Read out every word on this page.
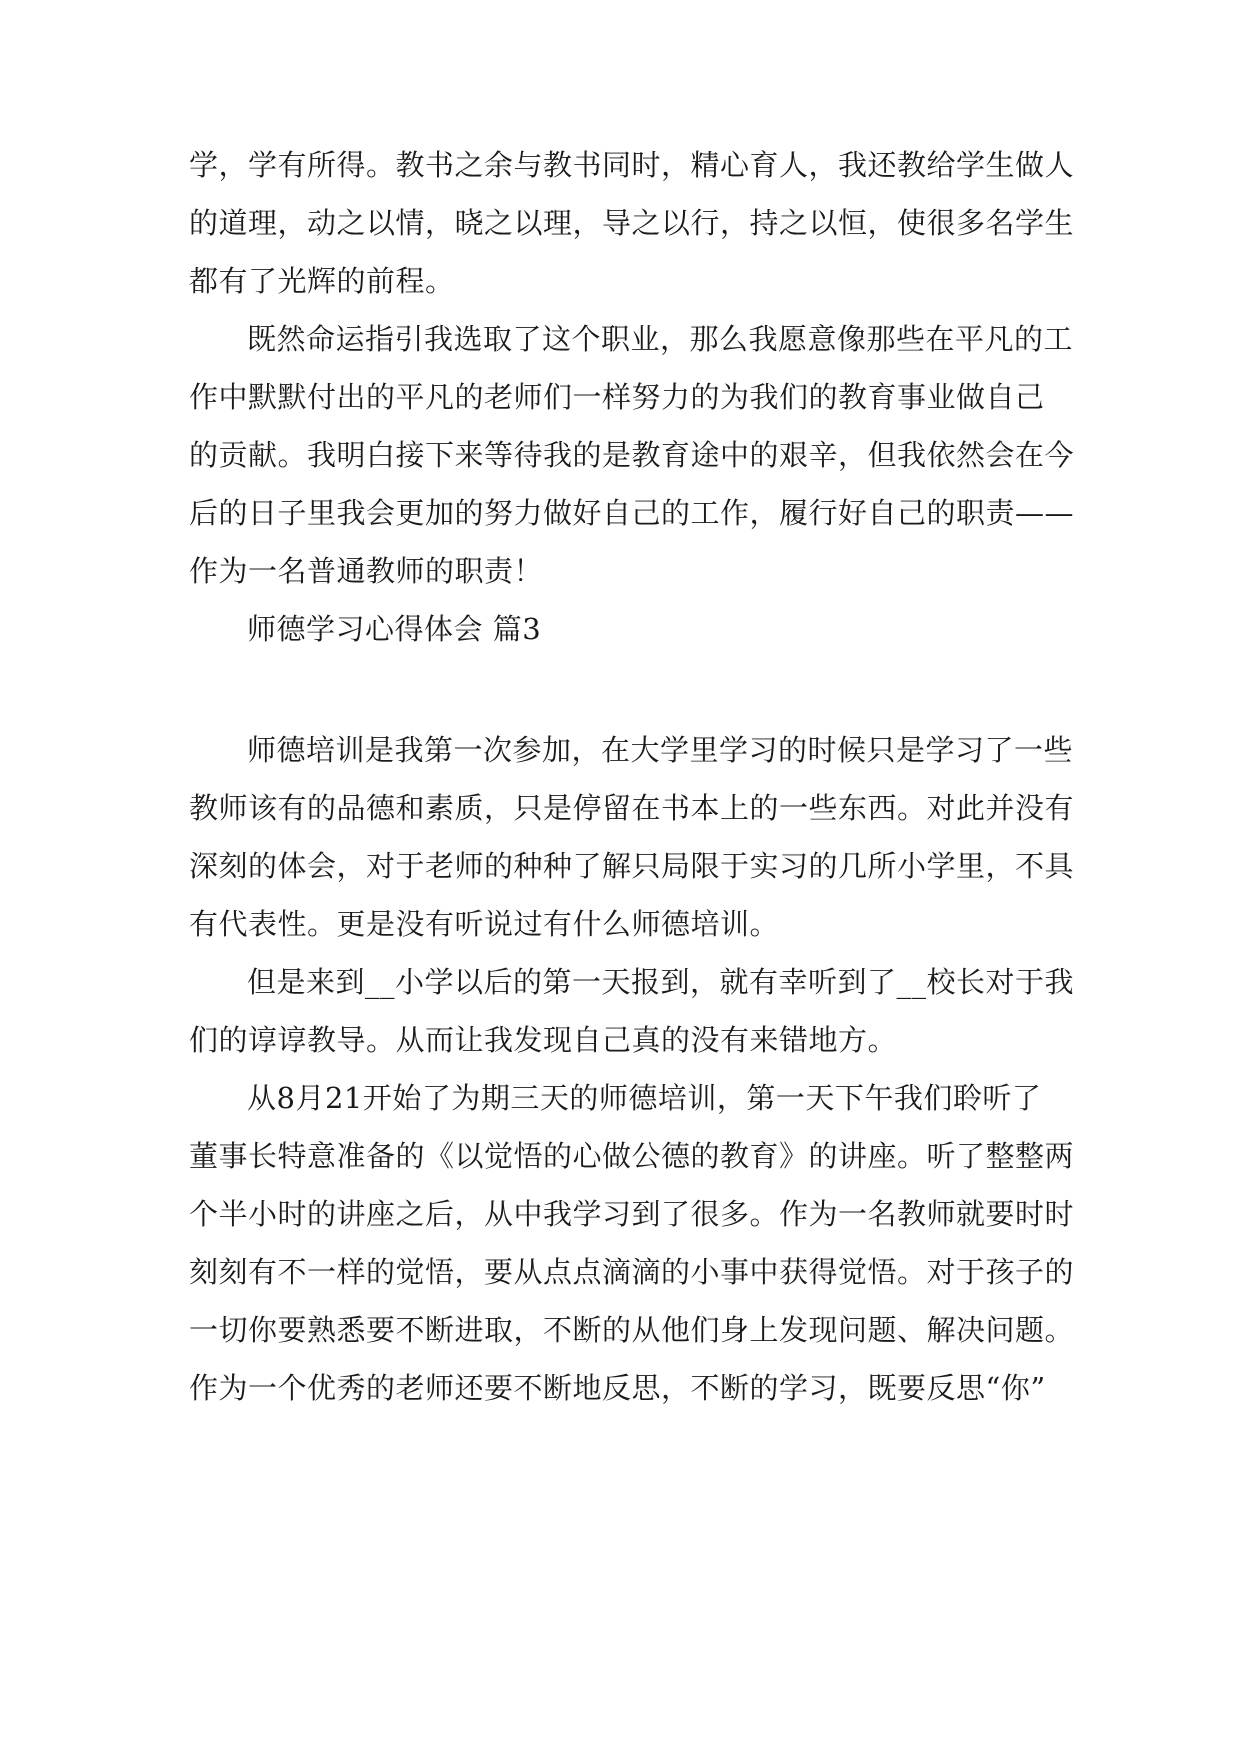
学，学有所得。教书之余与教书同时，精心育人，我还教给学生做人
的道理，动之以情，晓之以理，导之以行，持之以恒，使很多名学生
都有了光辉的前程。
既然命运指引我选取了这个职业，那么我愿意像那些在平凡的工
作中默默付出的平凡的老师们一样努力的为我们的教育事业做自己
的贡献。我明白接下来等待我的是教育途中的艰辛，但我依然会在今
后的日子里我会更加的努力做好自己的工作，履行好自己的职责——
作为一名普通教师的职责！
师德学习心得体会 篇3
师德培训是我第一次参加，在大学里学习的时候只是学习了一些
教师该有的品德和素质，只是停留在书本上的一些东西。对此并没有
深刻的体会，对于老师的种种了解只局限于实习的几所小学里，不具
有代表性。更是没有听说过有什么师德培训。
但是来到__小学以后的第一天报到，就有幸听到了__校长对于我
们的谆谆教导。从而让我发现自己真的没有来错地方。
从8月21开始了为期三天的师德培训，第一天下午我们聆听了
董事长特意准备的《以觉悟的心做公德的教育》的讲座。听了整整两
个半小时的讲座之后，从中我学习到了很多。作为一名教师就要时时
刻刻有不一样的觉悟，要从点点滴滴的小事中获得觉悟。对于孩子的
一切你要熟悉要不断进取，不断的从他们身上发现问题、解决问题。
作为一个优秀的老师还要不断地反思，不断的学习，既要反思“你”
